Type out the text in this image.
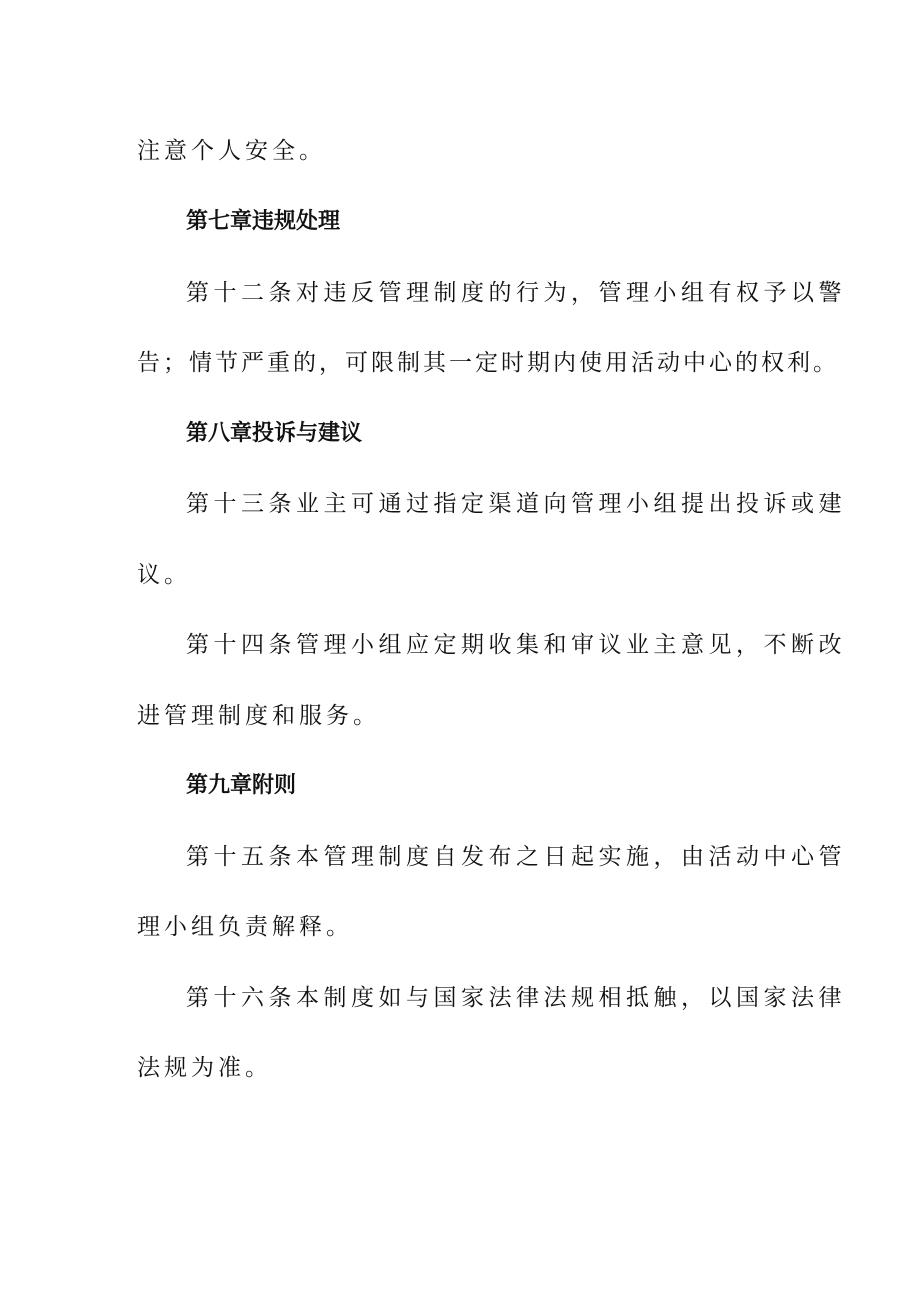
注意个人安全。
第七章违规处理
第十二条对违反管理制度的行为，管理小组有权予以警
告；情节严重的，可限制其一定时期内使用活动中心的权利。
第八章投诉与建议
第十三条业主可通过指定渠道向管理小组提出投诉或建
议。
第十四条管理小组应定期收集和审议业主意见，不断改
进管理制度和服务。
第九章附则
第十五条本管理制度自发布之日起实施，由活动中心管
理小组负责解释。
第十六条本制度如与国家法律法规相抵触，以国家法律
法规为准。
